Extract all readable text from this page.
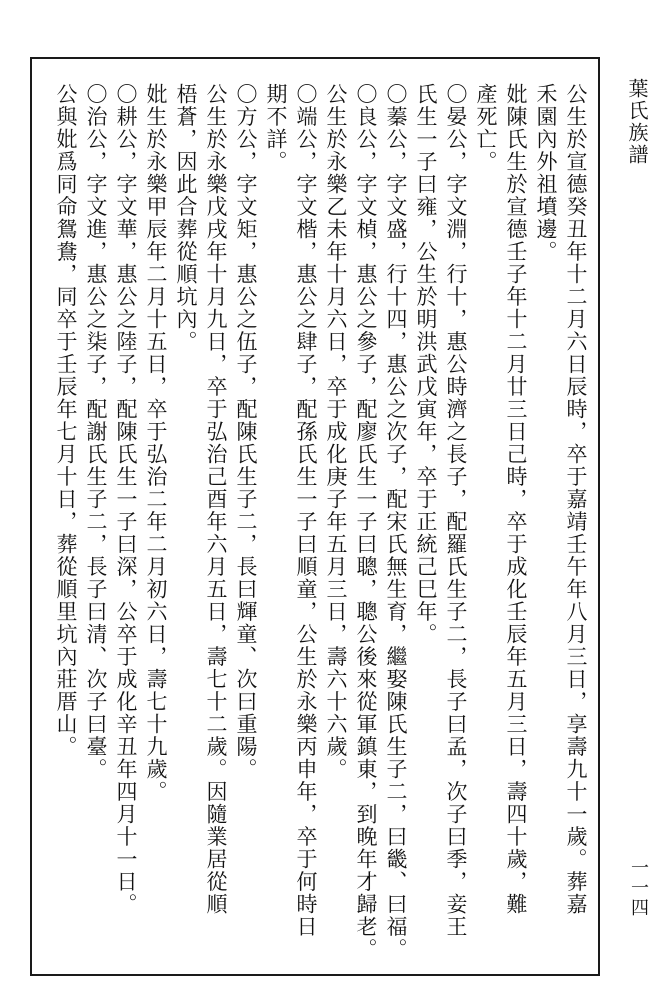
葉氏族譜
一一四
公生於宣德癸丑年十二月六日辰時，卒于嘉靖壬午年八月三日，享壽九十一歲。葬嘉
禾園內外祖墳邊。
妣陳氏生於宣德壬子年十二月廿三日己時，卒于成化壬辰年五月三日，壽四十歲，難
產死亡。
〇晏公，字文淵，行十，惠公時濟之長子，配羅氏生子二，長子曰孟，次子曰季，妾王
氏生一子曰雍，公生於明洪武戊寅年，卒于正統己巳年。
〇蓁公，字文盛，行十四，惠公之次子，配宋氏無生育，繼娶陳氏生子二，曰畿、曰福。
〇良公，字文楨，惠公之參子，配廖氏生一子曰聰，聰公後來從軍鎮東，到晚年才歸老。
公生於永樂乙未年十月六日，卒于成化庚子年五月三日，壽六十六歲。
〇端公，字文楷，惠公之肆子，配孫氏生一子曰順童，公生於永樂丙申年，卒于何時日
期不詳。
〇方公，字文矩，惠公之伍子，配陳氏生子二，長曰輝童、次曰重陽。
公生於永樂戊戌年十月九日，卒于弘治己酉年六月五日，壽七十二歲。因隨業居從順
梧蒼，因此合葬從順坑內。
妣生於永樂甲辰年二月十五日，卒于弘治二年二月初六日，壽七十九歲。
〇耕公，字文華，惠公之陸子，配陳氏生一子曰深，公卒于成化辛丑年四月十一日。
〇治公，字文進，惠公之柒子，配謝氏生子二，長子曰清、次子曰臺。
公與妣爲同命鴛鴦，同卒于壬辰年七月十日，葬從順里坑內莊厝山。
